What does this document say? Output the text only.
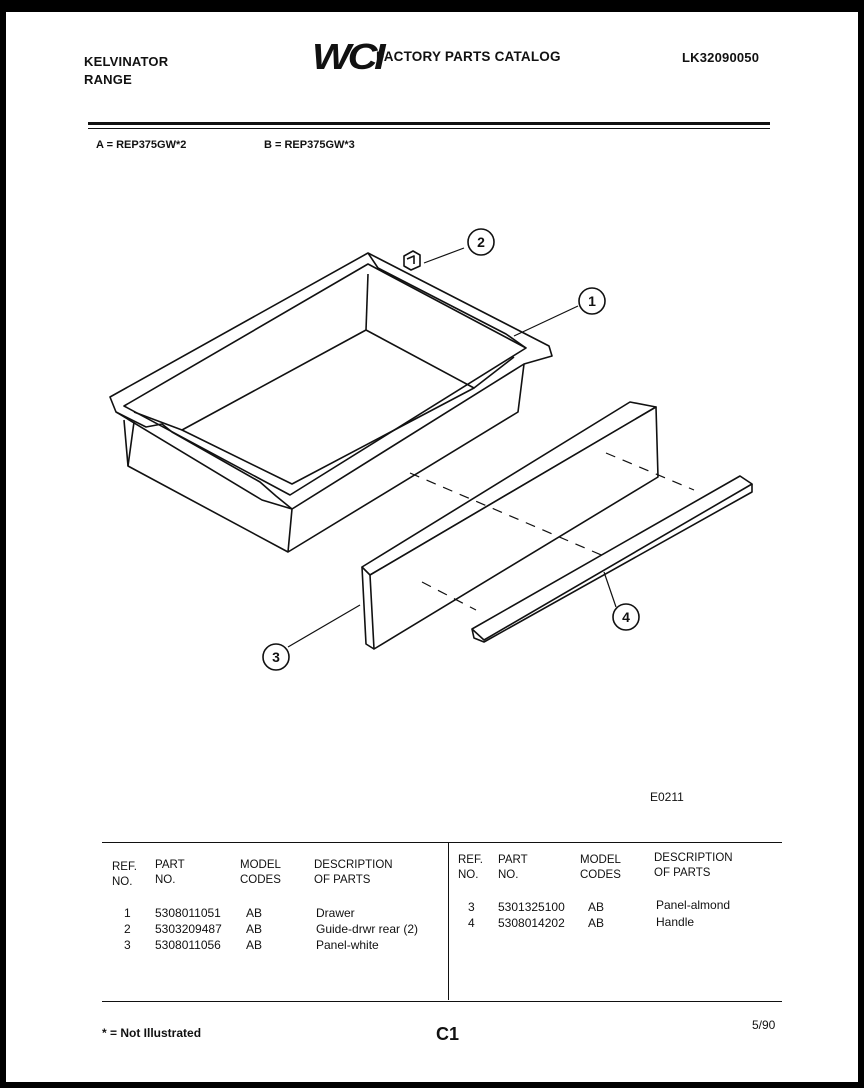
KELVINATOR
RANGE
WCI
FACTORY PARTS CATALOG	LK32090050
A = REP375GW*2	B = REP375GW*3
2
1
3
4
E0211
REF.
NO.
PART
NO.
MODEL
CODES
DESCRIPTION
OF PARTS
1 5308011051 AB	Drawer
2 5303209487 AB	Guide-drwr rear (2)
3 5308011056 AB	Panel-white
REF.
NO.
PART
NO.
MODEL
CODES
DESCRIPTION
OF PARTS
3 5301325100 AB	Panel-almond
4 5308014202 AB	Handle
* = Not Illustrated	C1	5/90
